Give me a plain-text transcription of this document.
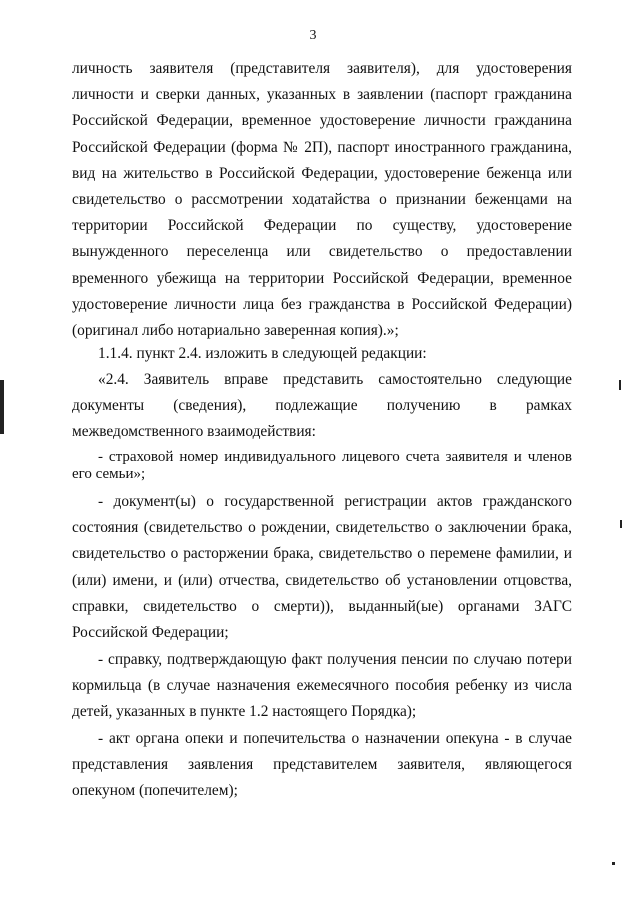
3
личность заявителя (представителя заявителя), для удостоверения личности и сверки данных, указанных в заявлении (паспорт гражданина Российской Федерации, временное удостоверение личности гражданина Российской Федерации (форма № 2П), паспорт иностранного гражданина, вид на жительство в Российской Федерации, удостоверение беженца или свидетельство о рассмотрении ходатайства о признании беженцами на территории Российской Федерации по существу, удостоверение вынужденного переселенца или свидетельство о предоставлении временного убежища на территории Российской Федерации, временное удостоверение личности лица без гражданства в Российской Федерации) (оригинал либо нотариально заверенная копия).»;
1.1.4. пункт 2.4. изложить в следующей редакции:
«2.4. Заявитель вправе представить самостоятельно следующие документы (сведения), подлежащие получению в рамках межведомственного взаимодействия:
- страховой номер индивидуального лицевого счета заявителя и членов его семьи»;
- документ(ы) о государственной регистрации актов гражданского состояния (свидетельство о рождении, свидетельство о заключении брака, свидетельство о расторжении брака, свидетельство о перемене фамилии, и (или) имени, и (или) отчества, свидетельство об установлении отцовства, справки, свидетельство о смерти)), выданный(ые) органами ЗАГС Российской Федерации;
- справку, подтверждающую факт получения пенсии по случаю потери кормильца (в случае назначения ежемесячного пособия ребенку из числа детей, указанных в пункте 1.2 настоящего Порядка);
- акт органа опеки и попечительства о назначении опекуна - в случае представления заявления представителем заявителя, являющегося опекуном (попечителем);
